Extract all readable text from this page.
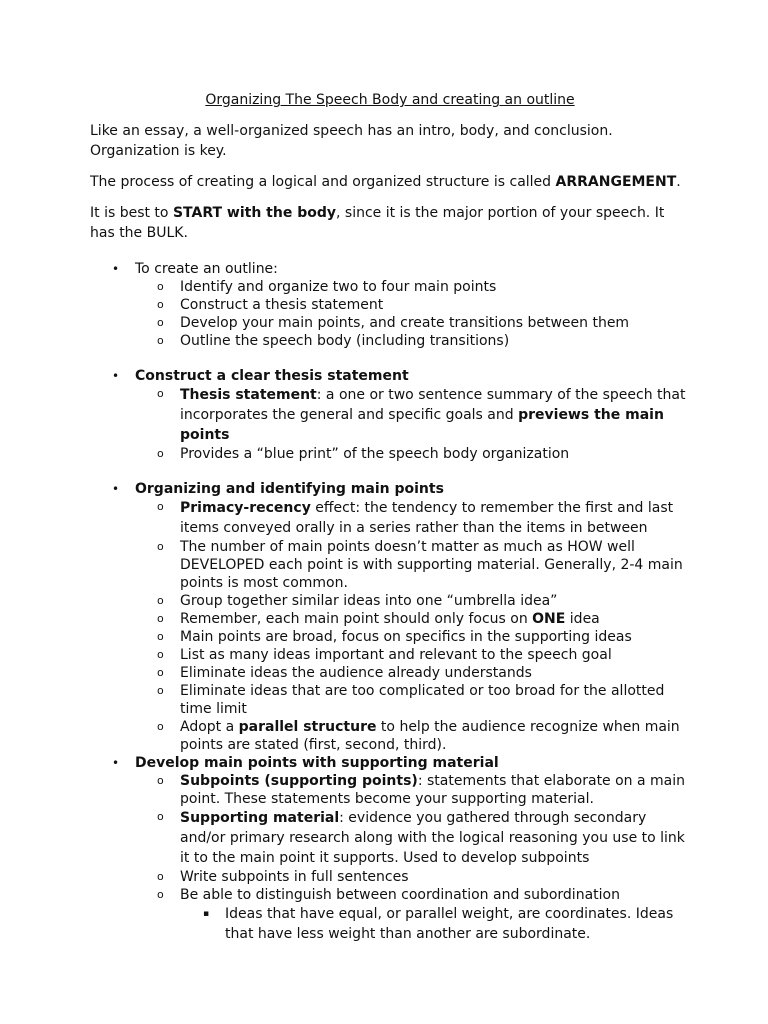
Organizing The Speech Body and creating an outline
Like an essay, a well-organized speech has an intro, body, and conclusion. Organization is key.
The process of creating a logical and organized structure is called ARRANGEMENT.
It is best to START with the body, since it is the major portion of your speech. It has the BULK.
• To create an outline:
o Identify and organize two to four main points
o Construct a thesis statement
o Develop your main points, and create transitions between them
o Outline the speech body (including transitions)
• Construct a clear thesis statement
o Thesis statement: a one or two sentence summary of the speech that incorporates the general and specific goals and previews the main points
o Provides a “blue print” of the speech body organization
• Organizing and identifying main points
o Primacy-recency effect: the tendency to remember the first and last items conveyed orally in a series rather than the items in between
o The number of main points doesn’t matter as much as HOW well DEVELOPED each point is with supporting material. Generally, 2-4 main points is most common.
o Group together similar ideas into one “umbrella idea”
o Remember, each main point should only focus on ONE idea
o Main points are broad, focus on specifics in the supporting ideas
o List as many ideas important and relevant to the speech goal
o Eliminate ideas the audience already understands
o Eliminate ideas that are too complicated or too broad for the allotted time limit
o Adopt a parallel structure to help the audience recognize when main points are stated (first, second, third).
• Develop main points with supporting material
o Subpoints (supporting points): statements that elaborate on a main point. These statements become your supporting material.
o Supporting material: evidence you gathered through secondary and/or primary research along with the logical reasoning you use to link it to the main point it supports. Used to develop subpoints
o Write subpoints in full sentences
o Be able to distinguish between coordination and subordination
▪ Ideas that have equal, or parallel weight, are coordinates. Ideas that have less weight than another are subordinate.
